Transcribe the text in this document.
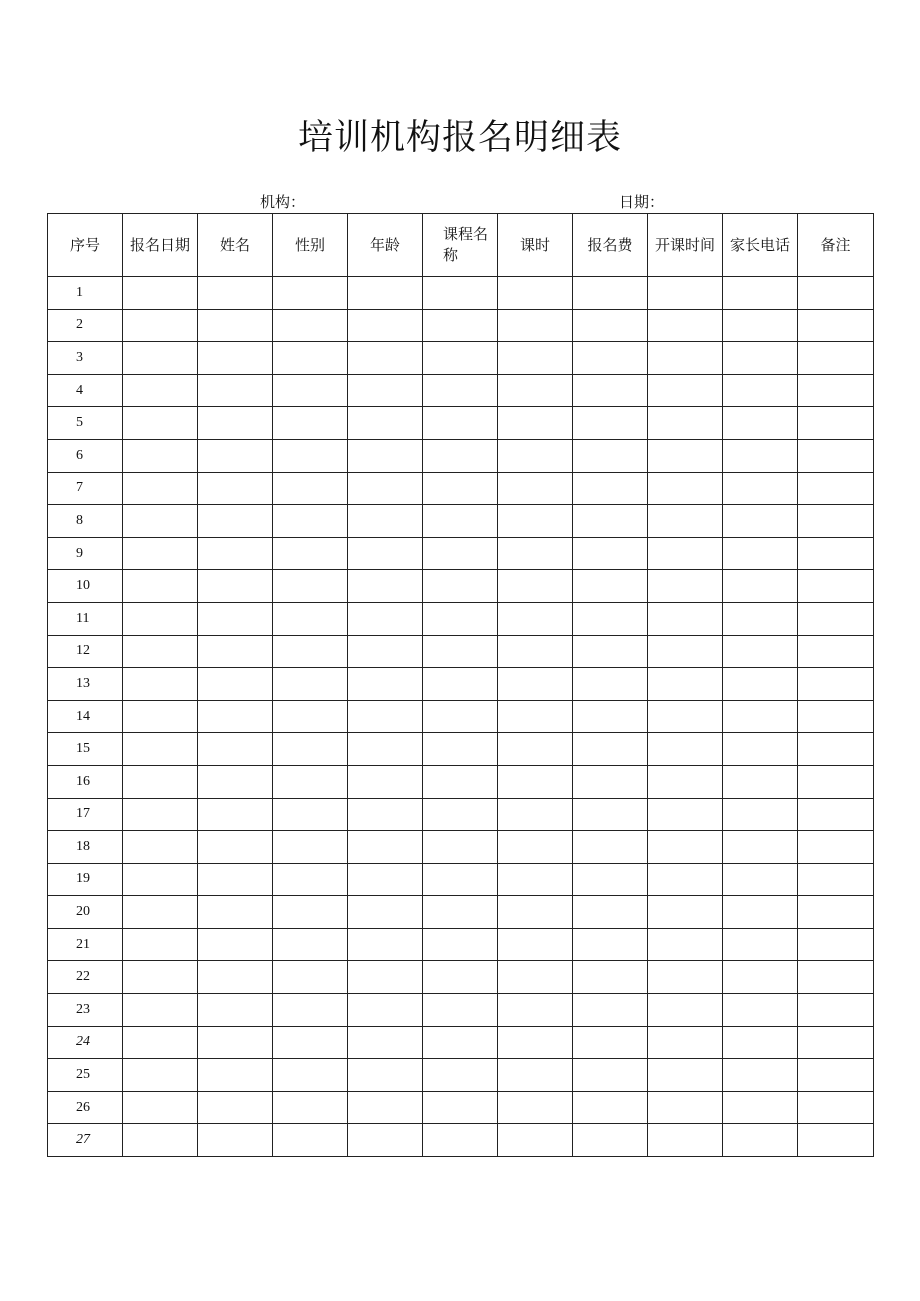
培训机构报名明细表
机构：	日期：
序号	报名日期	姓名	性别	年龄	课程名称	课时	报名费	开课时间	家长电话	备注
1										
2										
3										
4										
5										
6										
7										
8										
9										
10										
11										
12										
13										
14										
15										
16										
17										
18										
19										
20										
21										
22										
23										
24										
25										
26										
27										
